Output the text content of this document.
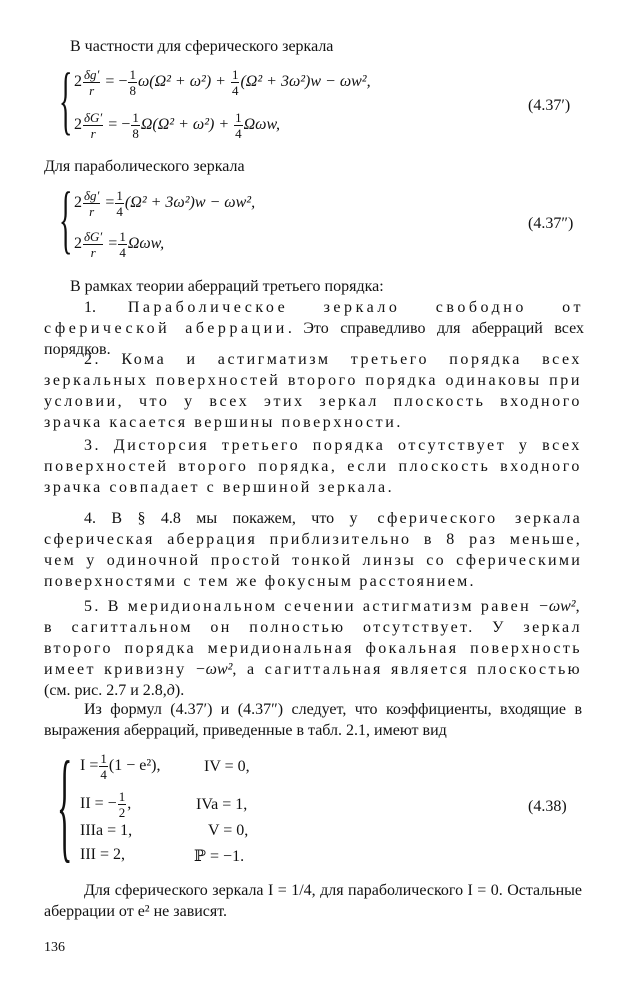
В частности для сферического зеркала

{ $2 \frac{\delta g'}{r}$ = − $\frac{1}{8} \omega(\Omega^2 + \omega^2) + \frac{1}{4} (\Omega^2 + 3\omega^2)w - \omega w^2$,
$2 \frac{\delta G'}{r}$ = − $\frac{1}{8} \Omega(\Omega^2 + \omega^2) + \frac{1}{4} \Omega\omega w$,
(4.37′)

Для параболического зеркала

{ $2 \frac{\delta g'}{r} = \frac{1}{4} (\Omega^2 + 3\omega^2)w - \omega w^2$,
$2 \frac{\delta G'}{r} = \frac{1}{4} \Omega\omega w$,
(4.37″)

В рамках теории аберраций третьего порядка:

1. Параболическое зеркало свободно от сферической аберрации. Это справедливо для аберраций всех порядков.

2. Кома и астигматизм третьего порядка всех зеркальных поверхностей второго порядка одинаковы при условии, что у всех этих зеркал плоскость входного зрачка касается вершины поверхности.

3. Дисторсия третьего порядка отсутствует у всех поверхностей второго порядка, если плоскость входного зрачка совпадает с вершиной зеркала.

4. В § 4.8 мы покажем, что у сферического зеркала сферическая аберрация приблизительно в 8 раз меньше, чем у одиночной простой тонкой линзы со сферическими поверхностями с тем же фокусным расстоянием.

5. В меридиональном сечении астигматизм равен −ωw², в сагиттальном он полностью отсутствует. У зеркал второго порядка меридиональная фокальная поверхность имеет кривизну −ωw², а сагиттальная является плоскостью (см. рис. 2.7 и 2.8,д).

Из формул (4.37′) и (4.37″) следует, что коэффициенты, входящие в выражения аберраций, приведенные в табл. 2.1, имеют вид

{ $I = \frac{1}{4} (1 - e^2)$,	IV = 0,
II = − $\frac{1}{2}$ ,	IVa = 1,
IIIa = 1,	V = 0,
III = 2,	ℙ = −1.
(4.38)

Для сферического зеркала I = 1/4, для параболического I = 0. Остальные аберрации от e² не зависят.

136
